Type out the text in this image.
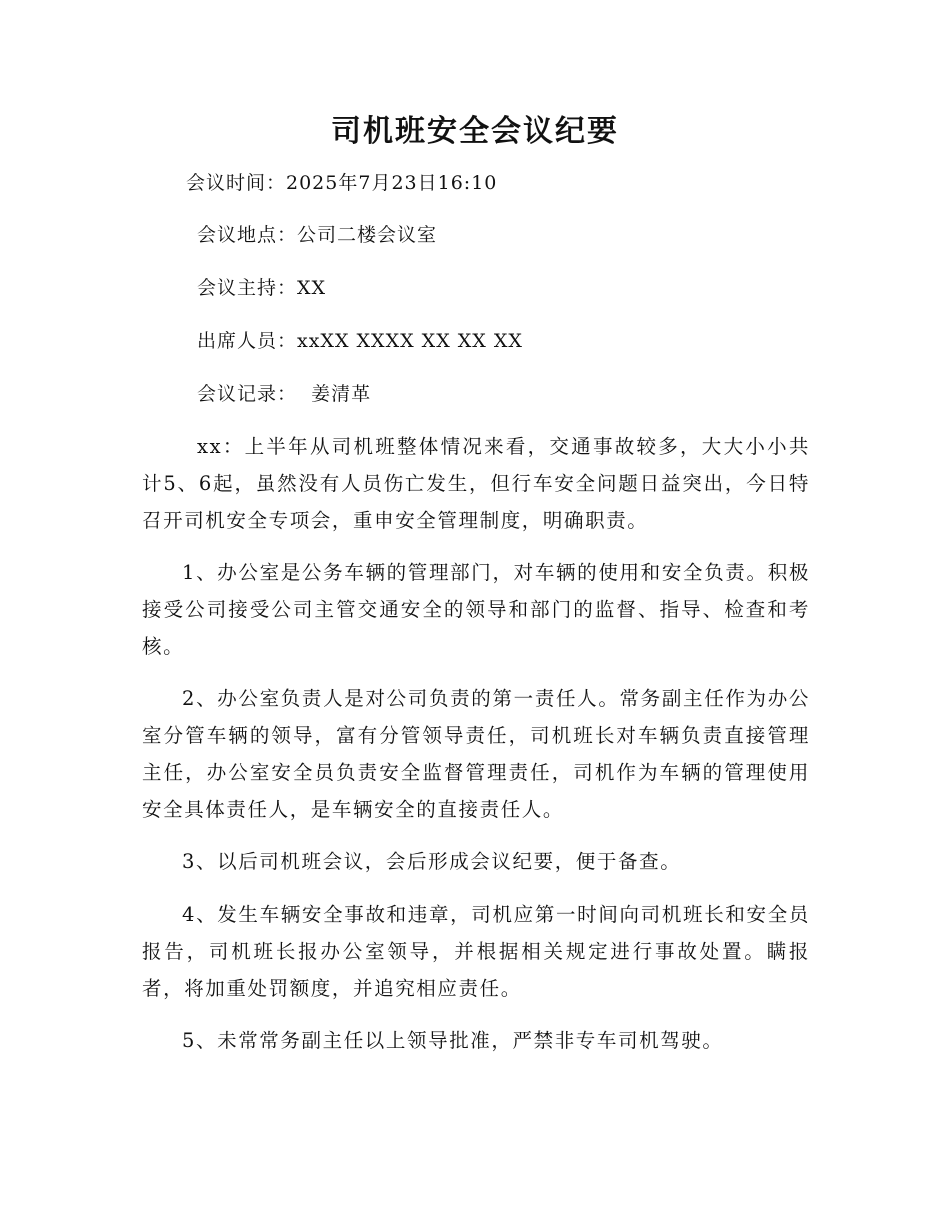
司机班安全会议纪要

会议时间：2025年7月23日16:10

会议地点：公司二楼会议室

会议主持：XX

出席人员：xxXX XXXX XX XX XX

会议记录：  姜清革

xx：上半年从司机班整体情况来看，交通事故较多，大大小小共计5、6起，虽然没有人员伤亡发生，但行车安全问题日益突出，今日特召开司机安全专项会，重申安全管理制度，明确职责。

1、办公室是公务车辆的管理部门，对车辆的使用和安全负责。积极接受公司接受公司主管交通安全的领导和部门的监督、指导、检查和考核。

2、办公室负责人是对公司负责的第一责任人。常务副主任作为办公室分管车辆的领导，富有分管领导责任，司机班长对车辆负责直接管理主任，办公室安全员负责安全监督管理责任，司机作为车辆的管理使用安全具体责任人，是车辆安全的直接责任人。

3、以后司机班会议，会后形成会议纪要，便于备查。

4、发生车辆安全事故和违章，司机应第一时间向司机班长和安全员报告，司机班长报办公室领导，并根据相关规定进行事故处置。瞒报者，将加重处罚额度，并追究相应责任。

5、未常常务副主任以上领导批准，严禁非专车司机驾驶。
